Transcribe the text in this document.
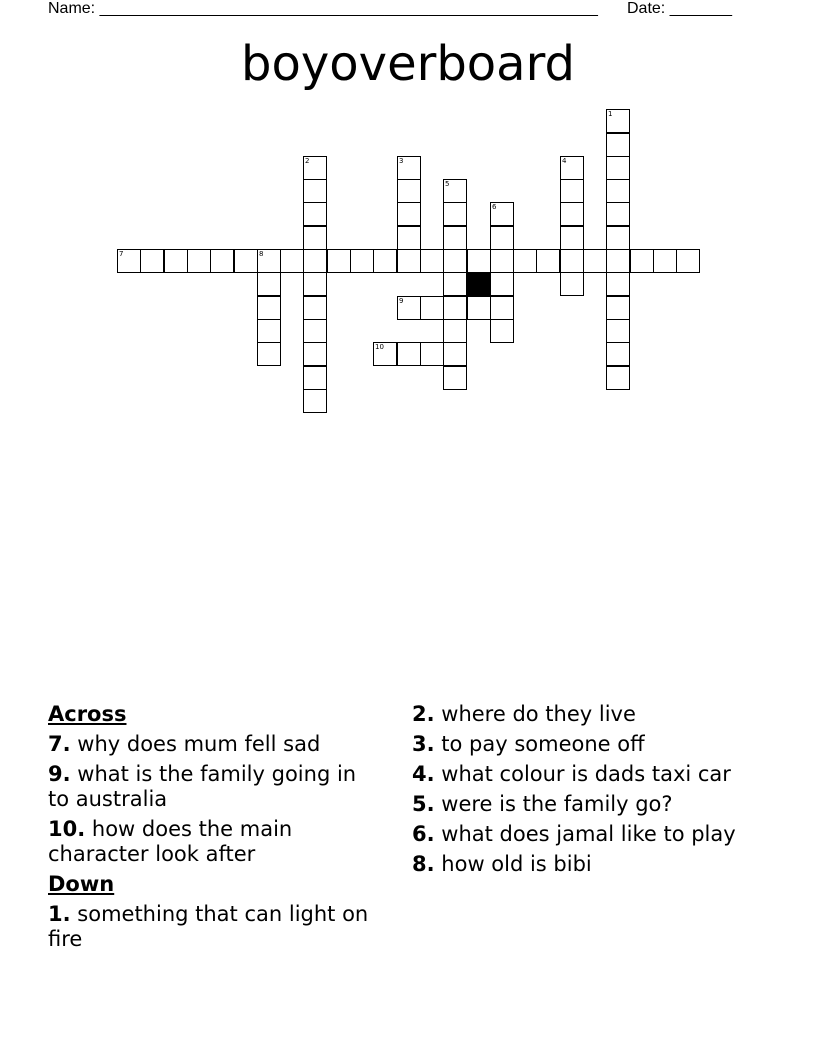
Name: ________________________________________________________ Date: _______
boyoverboard
7	8
1
2	3	4
5
6
9
10
Across
7. why does mum fell sad
9. what is the family going in to australia
10. how does the main character look after
Down
1. something that can light on fire
2. where do they live
3. to pay someone off
4. what colour is dads taxi car
5. were is the family go?
6. what does jamal like to play
8. how old is bibi
